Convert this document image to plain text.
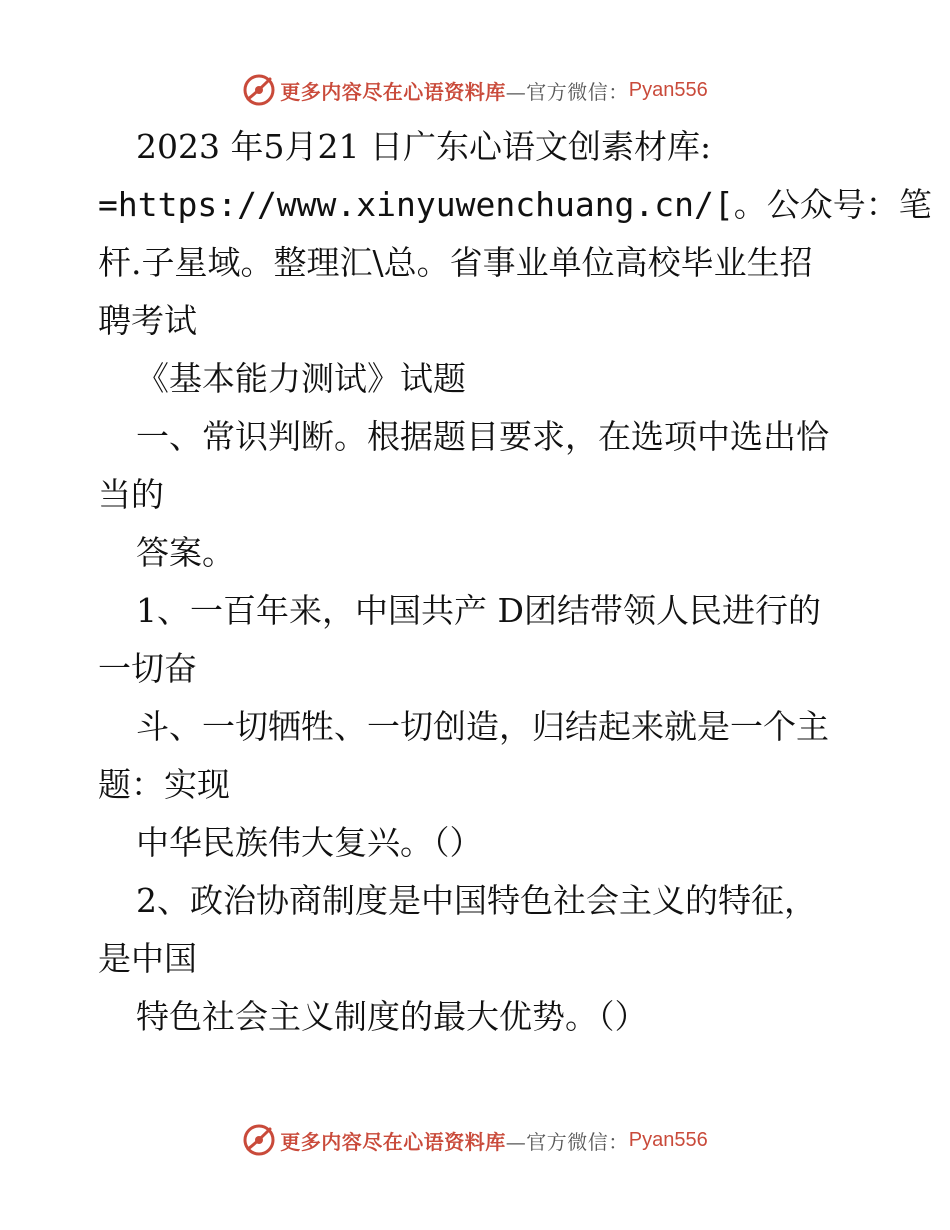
更多内容尽在心语资料库 —官方微信： Pyan556
2023 年5月21 日广东心语文创素材库:
=https://www.xinyuwenchuang.cn/[。公众号：笔
杆.子星域。整理汇\总。省事业单位高校毕业生招
聘考试
《基本能力测试》试题
一、常识判断。根据题目要求，在选项中选出恰
当的
答案。
1、一百年来，中国共产 D团结带领人民进行的
一切奋
斗、一切牺牲、一切创造，归结起来就是一个主
题：实现
中华民族伟大复兴。（）
2、政治协商制度是中国特色社会主义的特征，
是中国
特色社会主义制度的最大优势。（）
更多内容尽在心语资料库 —官方微信： Pyan556
